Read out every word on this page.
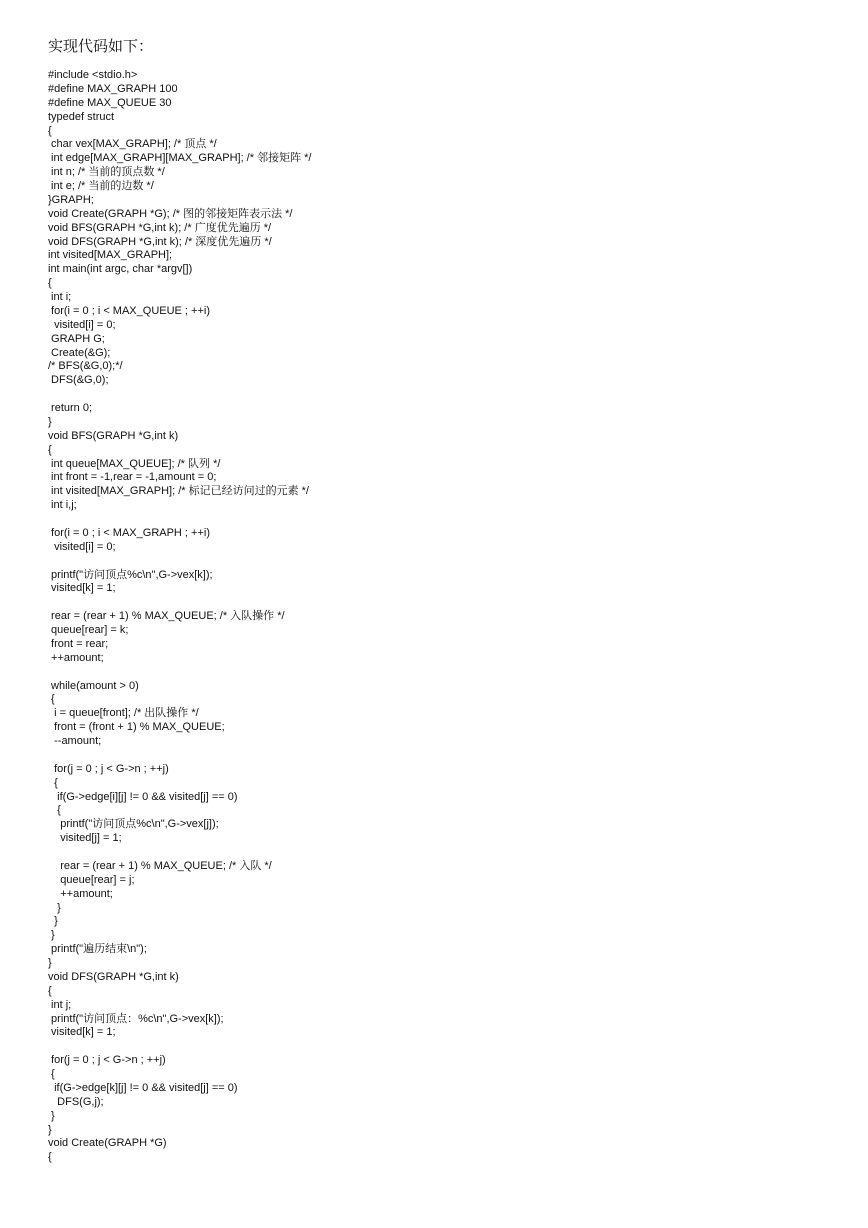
实现代码如下：
#include <stdio.h>
#define MAX_GRAPH 100
#define MAX_QUEUE 30
typedef struct
{
char vex[MAX_GRAPH]; /* 顶点 */
int edge[MAX_GRAPH][MAX_GRAPH]; /* 邻接矩阵 */
int n; /* 当前的顶点数 */
int e; /* 当前的边数 */
}GRAPH;
void Create(GRAPH *G); /* 图的邻接矩阵表示法 */
void BFS(GRAPH *G,int k); /* 广度优先遍历 */
void DFS(GRAPH *G,int k); /* 深度优先遍历 */
int visited[MAX_GRAPH];
int main(int argc, char *argv[])
{
int i;
for(i = 0 ; i < MAX_QUEUE ; ++i)
visited[i] = 0;
GRAPH G;
Create(&G);
/* BFS(&G,0);*/
DFS(&G,0);
return 0;
}
void BFS(GRAPH *G,int k)
{
int queue[MAX_QUEUE]; /* 队列 */
int front = -1,rear = -1,amount = 0;
int visited[MAX_GRAPH]; /* 标记已经访问过的元素 */
int i,j;
for(i = 0 ; i < MAX_GRAPH ; ++i)
visited[i] = 0;
printf("访问顶点%c\n",G->vex[k]);
visited[k] = 1;
rear = (rear + 1) % MAX_QUEUE; /* 入队操作 */
queue[rear] = k;
front = rear;
++amount;
while(amount > 0)
{
i = queue[front]; /* 出队操作 */
front = (front + 1) % MAX_QUEUE;
--amount;
for(j = 0 ; j < G->n ; ++j)
{
if(G->edge[i][j] != 0 && visited[j] == 0)
{
printf("访问顶点%c\n",G->vex[j]);
visited[j] = 1;
rear = (rear + 1) % MAX_QUEUE; /* 入队 */
queue[rear] = j;
++amount;
}
}
}
printf("遍历结束\n");
}
void DFS(GRAPH *G,int k)
{
int j;
printf("访问顶点：%c\n",G->vex[k]);
visited[k] = 1;
for(j = 0 ; j < G->n ; ++j)
{
if(G->edge[k][j] != 0 && visited[j] == 0)
DFS(G,j);
}
}
void Create(GRAPH *G)
{
